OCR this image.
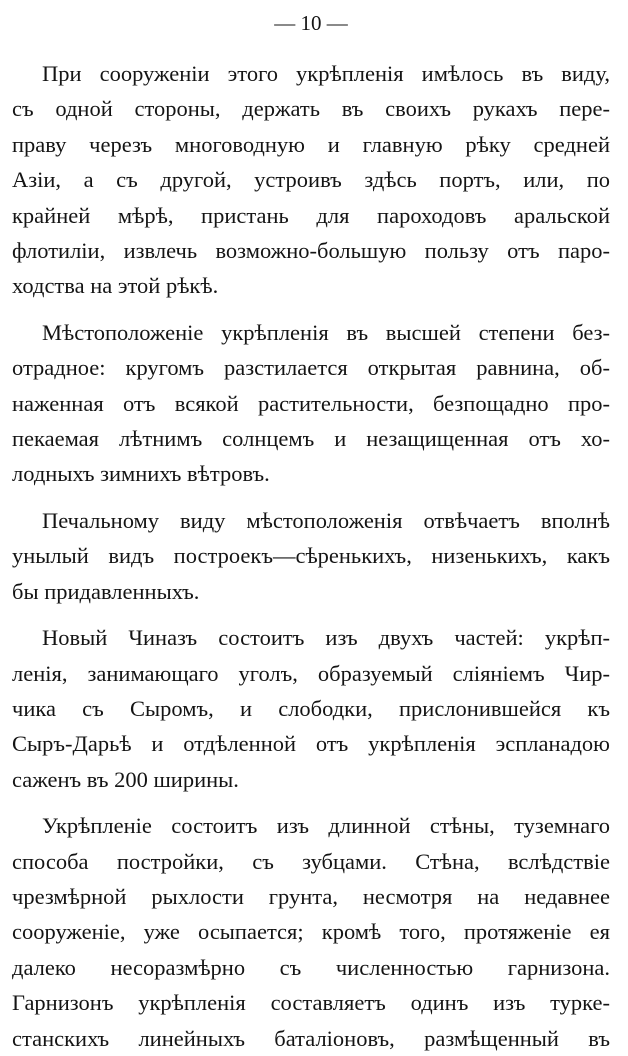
— 10 —
При сооруженіи этого укрѣпленія имѣлось въ виду,
съ одной стороны, держать въ своихъ рукахъ пере-
праву черезъ многоводную и главную рѣку средней
Азіи, а съ другой, устроивъ здѣсь портъ, или, по
крайней мѣрѣ, пристань для пароходовъ аральской
флотиліи, извлечь возможно-большую пользу отъ паро-
ходства на этой рѣкѣ.
Мѣстоположеніе укрѣпленія въ высшей степени без-
отрадное: кругомъ разстилается открытая равнина, об-
наженная отъ всякой растительности, безпощадно про-
пекаемая лѣтнимъ солнцемъ и незащищенная отъ хо-
лодныхъ зимнихъ вѣтровъ.
Печальному виду мѣстоположенія отвѣчаетъ вполнѣ
унылый видъ построекъ—сѣренькихъ, низенькихъ, какъ
бы придавленныхъ.
Новый Чиназъ состоитъ изъ двухъ частей: укрѣп-
ленія, занимающаго уголъ, образуемый сліяніемъ Чир-
чика съ Сыромъ, и слободки, прислонившейся къ
Сыръ-Дарьѣ и отдѣленной отъ укрѣпленія эспланадою
саженъ въ 200 ширины.
Укрѣпленіе состоитъ изъ длинной стѣны, туземнаго
способа постройки, съ зубцами. Стѣна, вслѣдствіе
чрезмѣрной рыхлости грунта, несмотря на недавнее
сооруженіе, уже осыпается; кромѣ того, протяженіе ея
далеко несоразмѣрно съ численностью гарнизона.
Гарнизонъ укрѣпленія составляетъ одинъ изъ турке-
станскихъ линейныхъ баталіоновъ, размѣщенный въ
